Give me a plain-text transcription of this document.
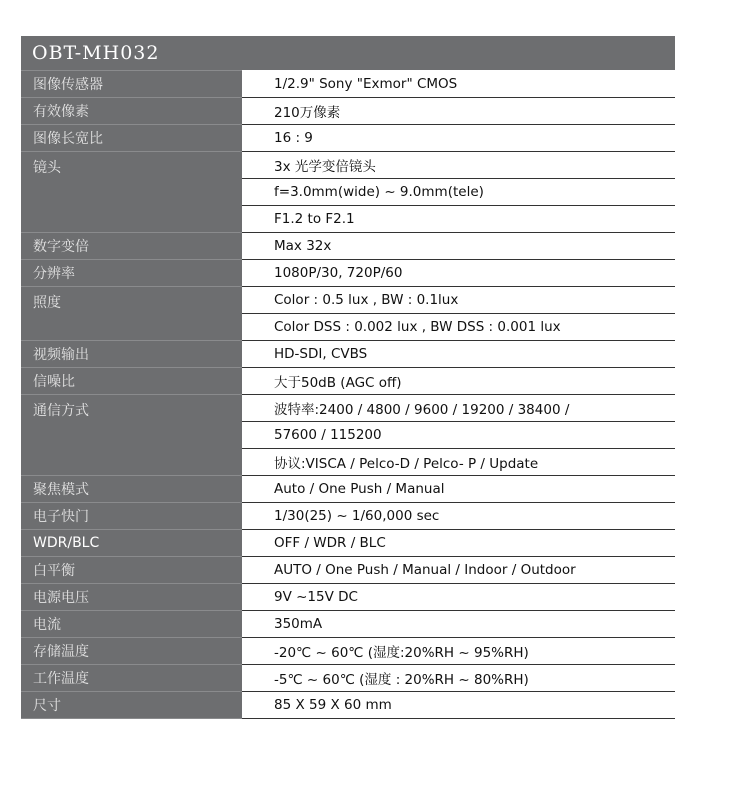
OBT-MH032
图像传感器	1/2.9" Sony "Exmor" CMOS
有效像素	210万像素
图像长宽比	16 : 9
镜头	3x 光学变倍镜头
	f=3.0mm(wide) ~ 9.0mm(tele)
	F1.2 to F2.1
数字变倍	Max 32x
分辨率	1080P/30, 720P/60
照度	Color : 0.5 lux , BW : 0.1lux
	Color DSS : 0.002 lux , BW DSS : 0.001 lux
视频输出	HD-SDI, CVBS
信噪比	大于50dB (AGC off)
通信方式	波特率:2400 / 4800 / 9600 / 19200 / 38400 /
	57600 / 115200
	协议:VISCA / Pelco-D / Pelco- P / Update
聚焦模式	Auto / One Push / Manual
电子快门	1/30(25) ~ 1/60,000 sec
WDR/BLC	OFF / WDR / BLC
白平衡	AUTO / One Push / Manual / Indoor / Outdoor
电源电压	9V ~15V DC
电流	350mA
存储温度	-20℃ ~ 60℃ (湿度:20%RH ~ 95%RH)
工作温度	-5℃ ~ 60℃ (湿度 : 20%RH ~ 80%RH)
尺寸	85 X 59 X 60 mm
